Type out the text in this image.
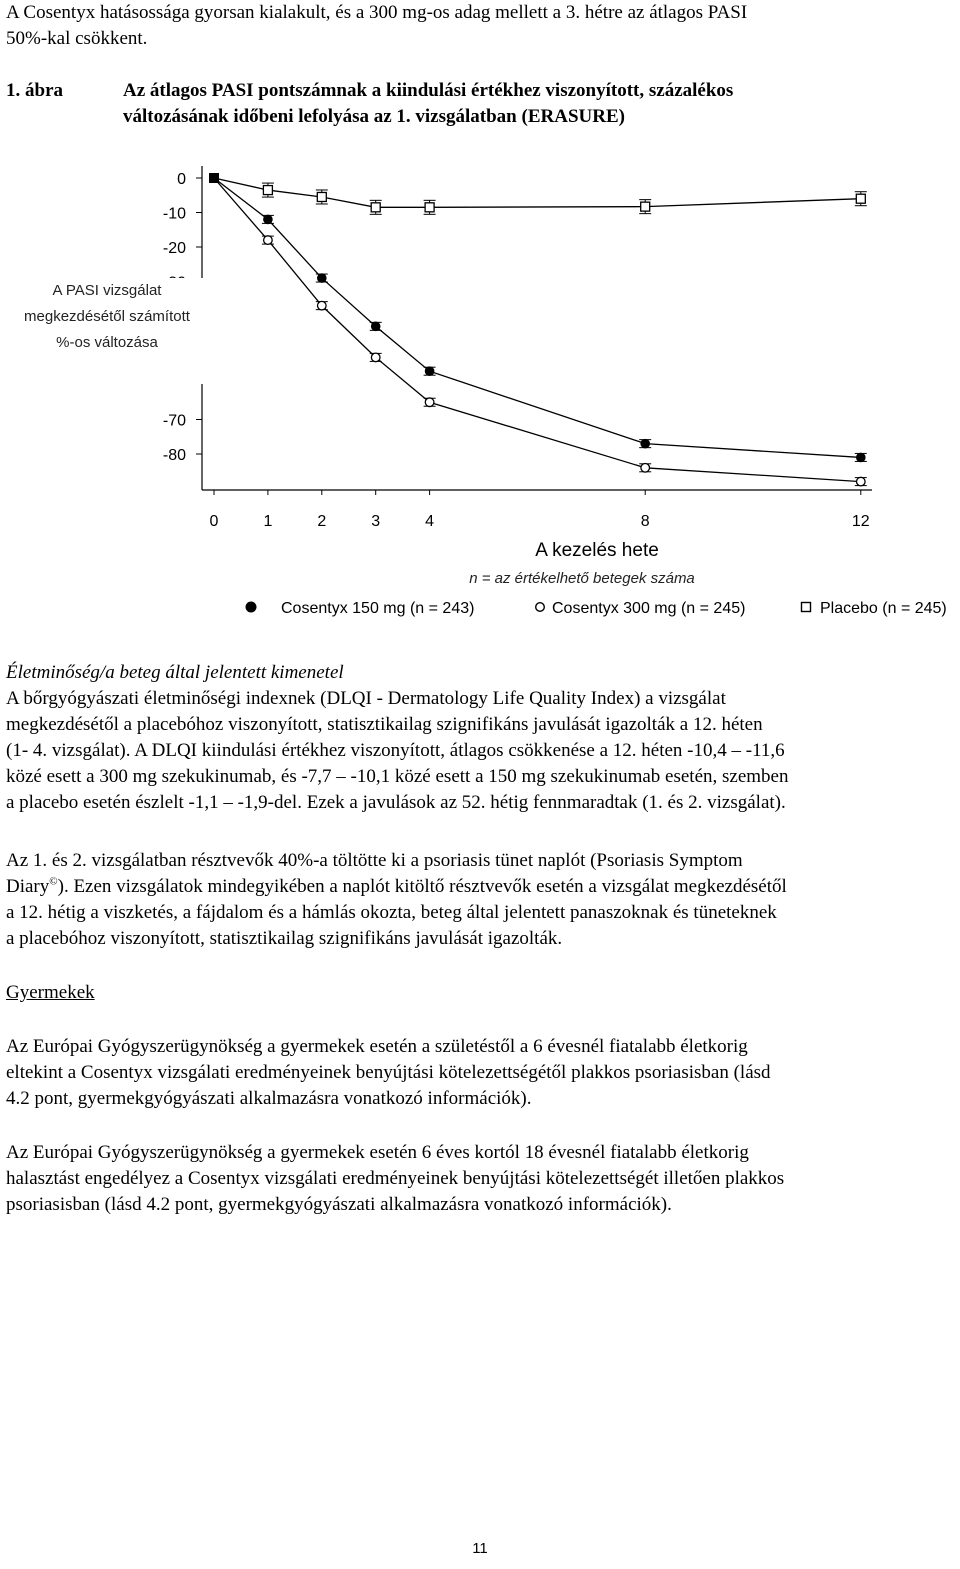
A Cosentyx hatásossága gyorsan kialakult, és a 300 mg-os adag mellett a 3. hétre az átlagos PASI
50%-kal csökkent.
1. ábra	Az átlagos PASI pontszámnak a kiindulási értékhez viszonyított, százalékos
változásának időbeni lefolyása az 1. vizsgálatban (ERASURE)
0
-10
-20
-70
-80
0	1	2	3	4	8	12
A kezelés hete
n = az értékelhető betegek száma
Cosentyx 150 mg (n = 243)	Cosentyx 300 mg (n = 245)	Placebo (n = 245)
A PASI vizsgálat
megkezdésétől számított
%-os változása
Életminőség/a beteg által jelentett kimenetel
A bőrgyógyászati életminőségi indexnek (DLQI - Dermatology Life Quality Index) a vizsgálat
megkezdésétől a placebóhoz viszonyított, statisztikailag szignifikáns javulását igazolták a 12. héten
(1- 4. vizsgálat). A DLQI kiindulási értékhez viszonyított, átlagos csökkenése a 12. héten -10,4 – -11,6
közé esett a 300 mg szekukinumab, és -7,7 – -10,1 közé esett a 150 mg szekukinumab esetén, szemben
a placebo esetén észlelt -1,1 – -1,9-del. Ezek a javulások az 52. hétig fennmaradtak (1. és 2. vizsgálat).
Az 1. és 2. vizsgálatban résztvevők 40%-a töltötte ki a psoriasis tünet naplót (Psoriasis Symptom
Diary©). Ezen vizsgálatok mindegyikében a naplót kitöltő résztvevők esetén a vizsgálat megkezdésétől
a 12. hétig a viszketés, a fájdalom és a hámlás okozta, beteg által jelentett panaszoknak és tüneteknek
a placebóhoz viszonyított, statisztikailag szignifikáns javulását igazolták.
Gyermekek
Az Európai Gyógyszerügynökség a gyermekek esetén a születéstől a 6 évesnél fiatalabb életkorig
eltekint a Cosentyx vizsgálati eredményeinek benyújtási kötelezettségétől plakkos psoriasisban (lásd
4.2 pont, gyermekgyógyászati alkalmazásra vonatkozó információk).
Az Európai Gyógyszerügynökség a gyermekek esetén 6 éves kortól 18 évesnél fiatalabb életkorig
halasztást engedélyez a Cosentyx vizsgálati eredményeinek benyújtási kötelezettségét illetően plakkos
psoriasisban (lásd 4.2 pont, gyermekgyógyászati alkalmazásra vonatkozó információk).
11
